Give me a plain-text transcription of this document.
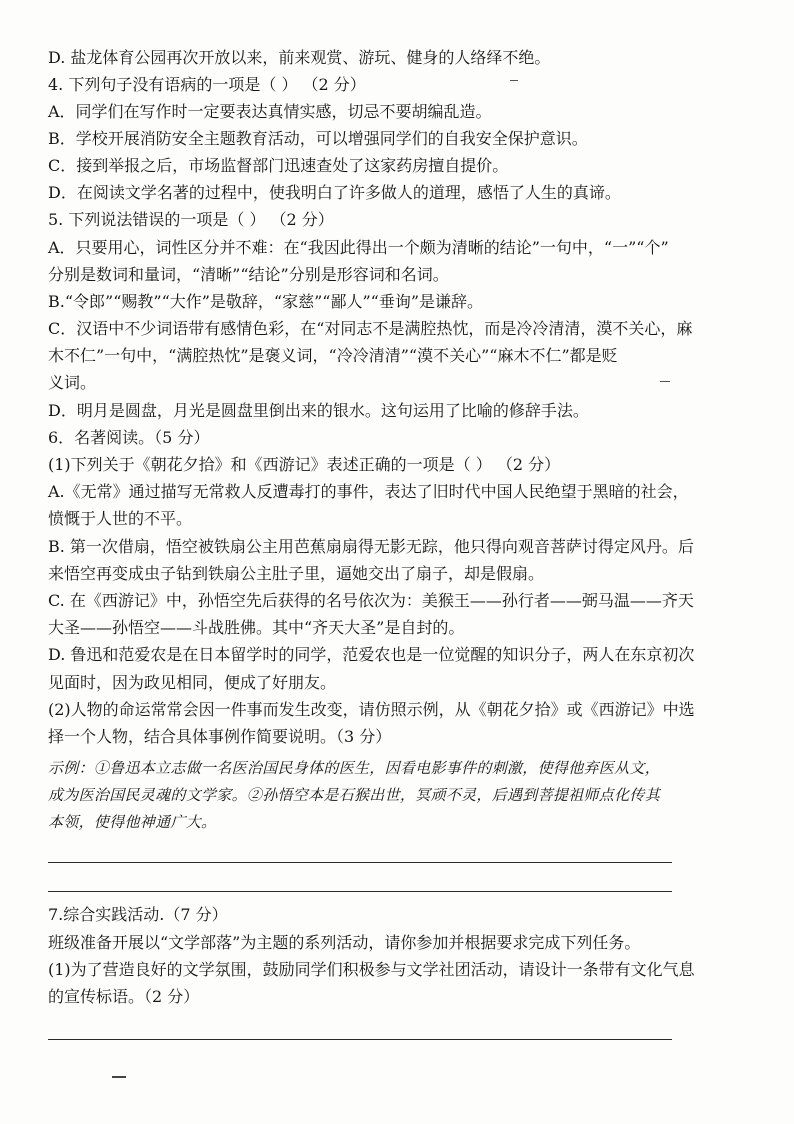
D. 盐龙体育公园再次开放以来，前来观赏、游玩、健身的人络绎不绝。
4. 下列句子没有语病的一项是（ ） （2 分）
A．同学们在写作时一定要表达真情实感，切忌不要胡编乱造。
B．学校开展消防安全主题教育活动，可以增强同学们的自我安全保护意识。
C．接到举报之后，市场监督部门迅速查处了这家药房擅自提价。
D．在阅读文学名著的过程中，使我明白了许多做人的道理，感悟了人生的真谛。
5. 下列说法错误的一项是（ ） （2 分）
A．只要用心，词性区分并不难：在“我因此得出一个颇为清晰的结论”一句中，“一”“个”
分别是数词和量词，“清晰”“结论”分别是形容词和名词。
B.“令郎”“赐教”“大作”是敬辞，“家慈”“鄙人”“垂询”是谦辞。
C．汉语中不少词语带有感情色彩，在“对同志不是满腔热忱，而是冷冷清清，漠不关心，麻
木不仁”一句中，“满腔热忱”是褒义词，“冷冷清清”“漠不关心”“麻木不仁”都是贬
义词。
D．明月是圆盘，月光是圆盘里倒出来的银水。这句运用了比喻的修辞手法。
6．名著阅读。（5 分）
(1)下列关于《朝花夕拾》和《西游记》表述正确的一项是（ ） （2 分）
A.《无常》通过描写无常救人反遭毒打的事件，表达了旧时代中国人民绝望于黑暗的社会，
愤慨于人世的不平。
B. 第一次借扇，悟空被铁扇公主用芭蕉扇扇得无影无踪，他只得向观音菩萨讨得定风丹。后
来悟空再变成虫子钻到铁扇公主肚子里，逼她交出了扇子，却是假扇。
C. 在《西游记》中，孙悟空先后获得的名号依次为：美猴王——孙行者——弼马温——齐天
大圣——孙悟空——斗战胜佛。其中“齐天大圣”是自封的。
D. 鲁迅和范爱农是在日本留学时的同学，范爱农也是一位觉醒的知识分子，两人在东京初次
见面时，因为政见相同，便成了好朋友。
(2)人物的命运常常会因一件事而发生改变，请仿照示例，从《朝花夕拾》或《西游记》中选
择一个人物，结合具体事例作简要说明。（3 分）
示例：①鲁迅本立志做一名医治国民身体的医生，因看电影事件的刺激，使得他弃医从文，
成为医治国民灵魂的文学家。②孙悟空本是石猴出世，冥顽不灵，后遇到菩提祖师点化传其
本领，使得他神通广大。
7.综合实践活动.（7 分）
班级准备开展以“文学部落”为主题的系列活动，请你参加并根据要求完成下列任务。
(1)为了营造良好的文学氛围，鼓励同学们积极参与文学社团活动，请设计一条带有文化气息
的宣传标语。（2 分）
